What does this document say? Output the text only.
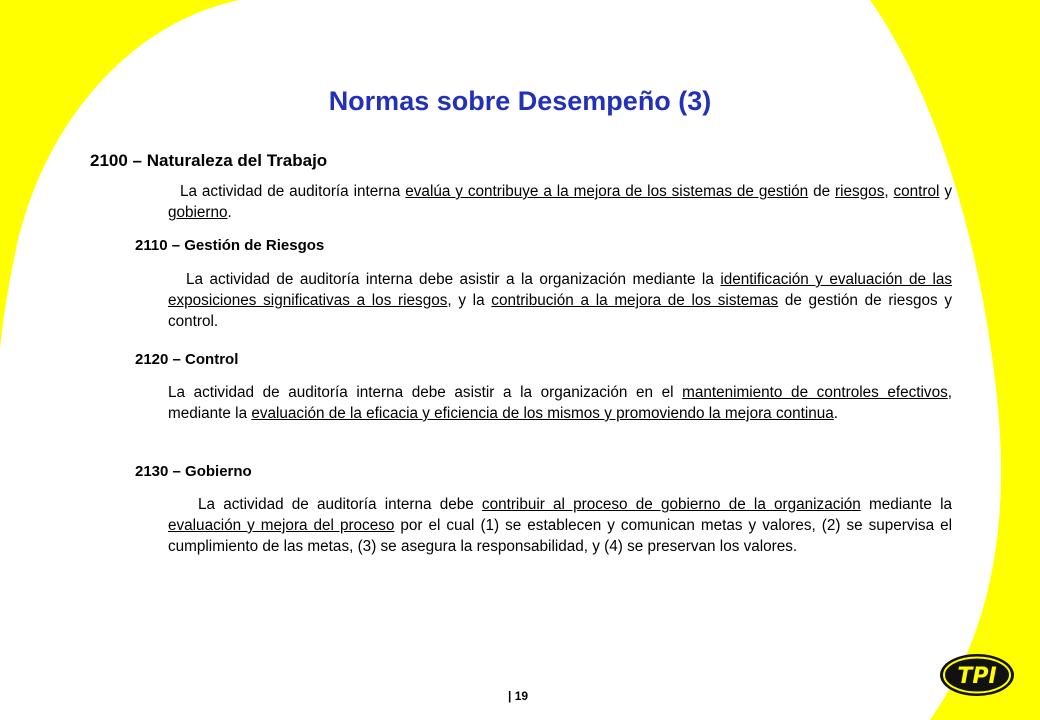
Normas sobre Desempeño (3)
2100 – Naturaleza del Trabajo

La actividad de auditoría interna evalúa y contribuye a la mejora de los sistemas de gestión de riesgos, control y gobierno.

2110 – Gestión de Riesgos

La actividad de auditoría interna debe asistir a la organización mediante la identificación y evaluación de las exposiciones significativas a los riesgos, y la contribución a la mejora de los sistemas de gestión de riesgos y control.

2120 – Control

La actividad de auditoría interna debe asistir a la organización en el mantenimiento de controles efectivos, mediante la evaluación de la eficacia y eficiencia de los mismos y promoviendo la mejora continua.

2130 – Gobierno

La actividad de auditoría interna debe contribuir al proceso de gobierno de la organización mediante la evaluación y mejora del proceso por el cual (1) se establecen y comunican metas y valores, (2) se supervisa el cumplimiento de las metas, (3) se asegura la responsabilidad, y (4) se preservan los valores.

| 19
TPI
